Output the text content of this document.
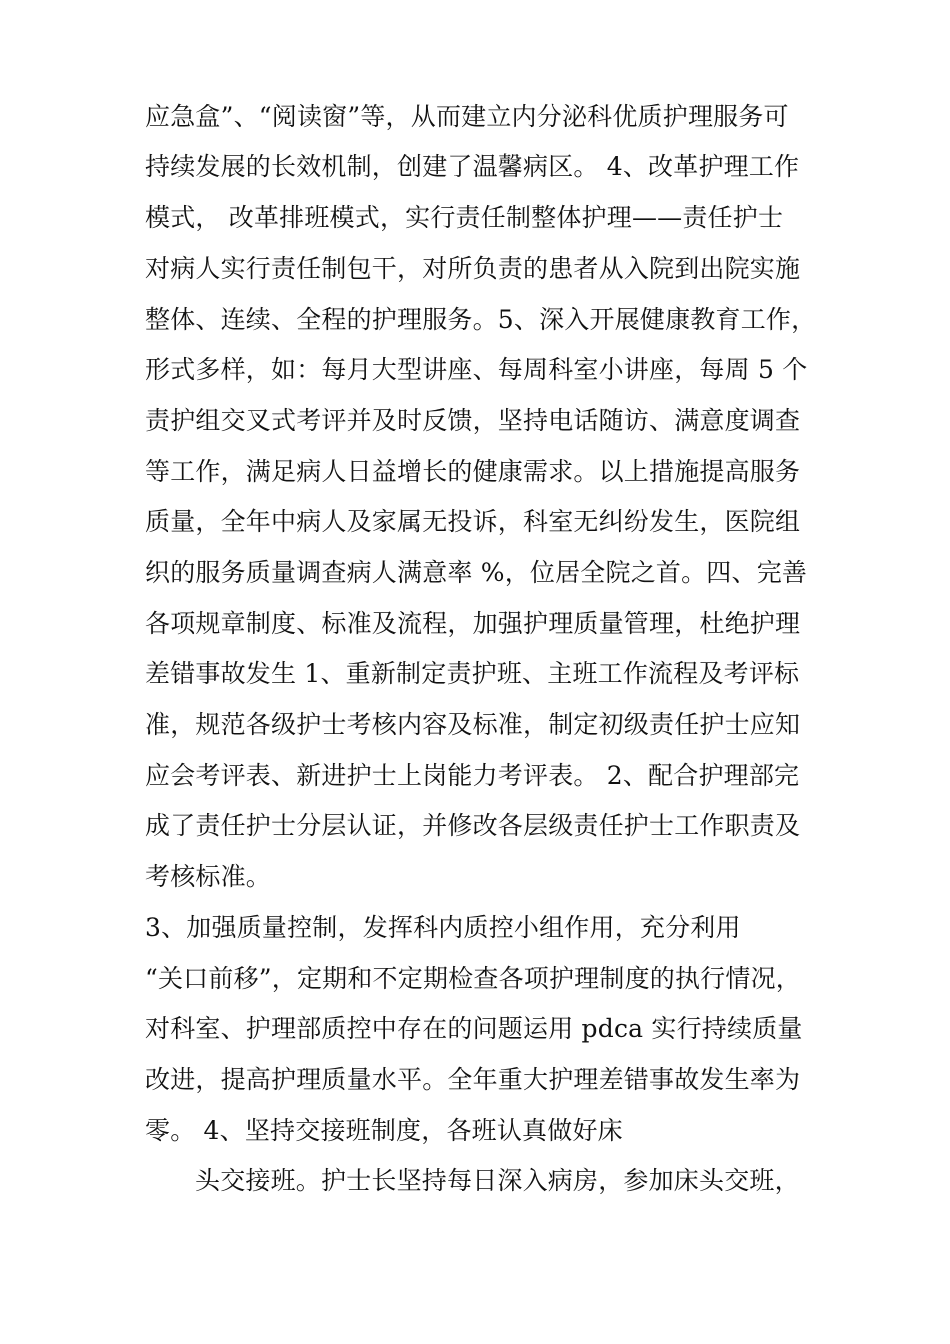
应急盒”、“阅读窗”等，从而建立内分泌科优质护理服务可
持续发展的长效机制，创建了温馨病区。 4、改革护理工作
模式， 改革排班模式，实行责任制整体护理——责任护士
对病人实行责任制包干，对所负责的患者从入院到出院实施
整体、连续、全程的护理服务。5、深入开展健康教育工作，
形式多样，如：每月大型讲座、每周科室小讲座，每周 5 个
责护组交叉式考评并及时反馈，坚持电话随访、满意度调查
等工作，满足病人日益增长的健康需求。以上措施提高服务
质量，全年中病人及家属无投诉，科室无纠纷发生，医院组
织的服务质量调查病人满意率 %，位居全院之首。四、完善
各项规章制度、标准及流程，加强护理质量管理，杜绝护理
差错事故发生 1、重新制定责护班、主班工作流程及考评标
准，规范各级护士考核内容及标准，制定初级责任护士应知
应会考评表、新进护士上岗能力考评表。 2、配合护理部完
成了责任护士分层认证，并修改各层级责任护士工作职责及
考核标准。
3、加强质量控制，发挥科内质控小组作用，充分利用
“关口前移”，定期和不定期检查各项护理制度的执行情况，
对科室、护理部质控中存在的问题运用 pdca 实行持续质量
改进，提高护理质量水平。全年重大护理差错事故发生率为
零。 4、坚持交接班制度，各班认真做好床
头交接班。护士长坚持每日深入病房，参加床头交班，
